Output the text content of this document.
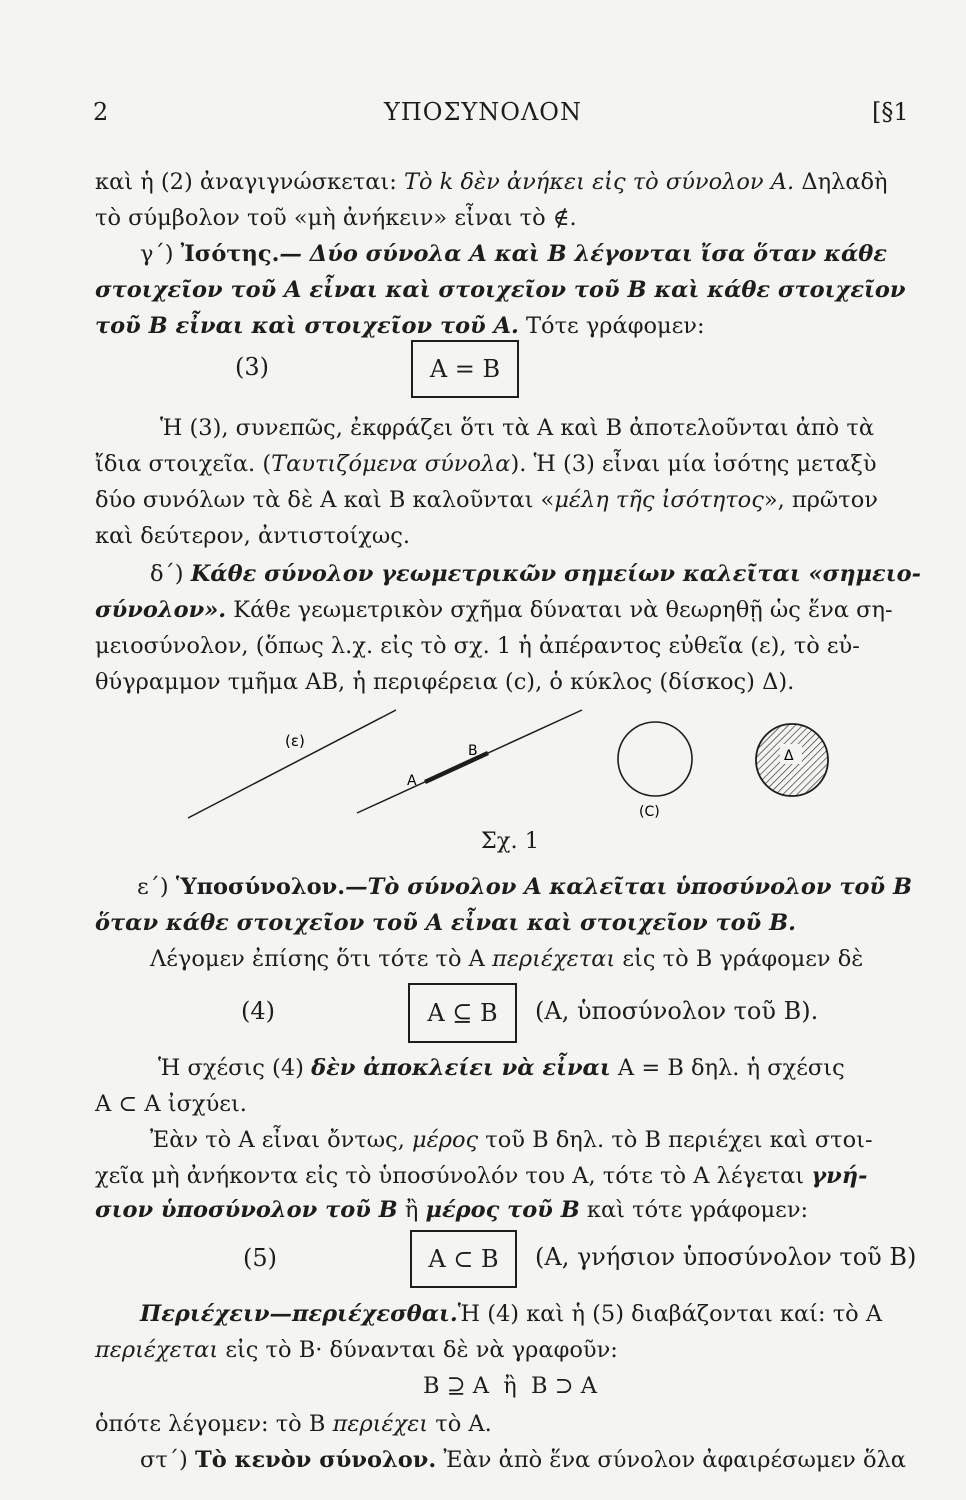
2	ΥΠΟΣΥΝΟΛΟΝ	[§1
καὶ ἡ (2) ἀναγιγνώσκεται: Τὸ k δὲν ἀνήκει εἰς τὸ σύνολον A. Δηλαδὴ
τὸ σύμβολον τοῦ «μὴ ἀνήκειν» εἶναι τὸ ∉.
γ΄) Ἰσότης.— Δύο σύνολα A καὶ B λέγονται ἴσα ὅταν κάθε
στοιχεῖον τοῦ A εἶναι καὶ στοιχεῖον τοῦ B καὶ κάθε στοιχεῖον
τοῦ B εἶναι καὶ στοιχεῖον τοῦ A. Τότε γράφομεν:
(3)	A = B
Ἡ (3), συνεπῶς, ἐκφράζει ὅτι τὰ A καὶ B ἀποτελοῦνται ἀπὸ τὰ
ἴδια στοιχεῖα. (Ταυτιζόμενα σύνολα). Ἡ (3) εἶναι μία ἰσότης μεταξὺ
δύο συνόλων τὰ δὲ A καὶ B καλοῦνται «μέλη τῆς ἰσότητος», πρῶτον
καὶ δεύτερον, ἀντιστοίχως.
δ΄) Κάθε σύνολον γεωμετρικῶν σημείων καλεῖται «σημειο-
σύνολον». Κάθε γεωμετρικὸν σχῆμα δύναται νὰ θεωρηθῇ ὡς ἕνα ση-
μειοσύνολον, (ὅπως λ.χ. εἰς τὸ σχ. 1 ἡ ἀπέραντος εὐθεῖα (ε), τὸ εὐ-
θύγραμμον τμῆμα AB, ἡ περιφέρεια (c), ὁ κύκλος (δίσκος) Δ).
(ε)
A
B
(C)
Δ
Σχ. 1
ε΄) Ὑποσύνολον.—Τὸ σύνολον A καλεῖται ὑποσύνολον τοῦ B
ὅταν κάθε στοιχεῖον τοῦ A εἶναι καὶ στοιχεῖον τοῦ B.
Λέγομεν ἐπίσης ὅτι τότε τὸ A περιέχεται εἰς τὸ B γράφομεν δὲ
(4)	A ⊆ B	(A, ὑποσύνολον τοῦ B).
Ἡ σχέσις (4) δὲν ἀποκλείει νὰ εἶναι A = B δηλ. ἡ σχέσις
A ⊂ A ἰσχύει.
Ἐὰν τὸ A εἶναι ὄντως, μέρος τοῦ B δηλ. τὸ B περιέχει καὶ στοι-
χεῖα μὴ ἀνήκοντα εἰς τὸ ὑποσύνολόν του A, τότε τὸ A λέγεται γνή-
σιον ὑποσύνολον τοῦ B ἢ μέρος τοῦ B καὶ τότε γράφομεν:
(5)	A ⊂ B	(A, γνήσιον ὑποσύνολον τοῦ B)
Περιέχειν—περιέχεσθαι.Ἡ (4) καὶ ἡ (5) διαβάζονται καί: τὸ A
περιέχεται εἰς τὸ B· δύνανται δὲ νὰ γραφοῦν:
B ⊇ A  ἢ  B ⊃ A
ὁπότε λέγομεν: τὸ B περιέχει τὸ A.
στ΄) Τὸ κενὸν σύνολον. Ἐὰν ἀπὸ ἕνα σύνολον ἀφαιρέσωμεν ὅλα
